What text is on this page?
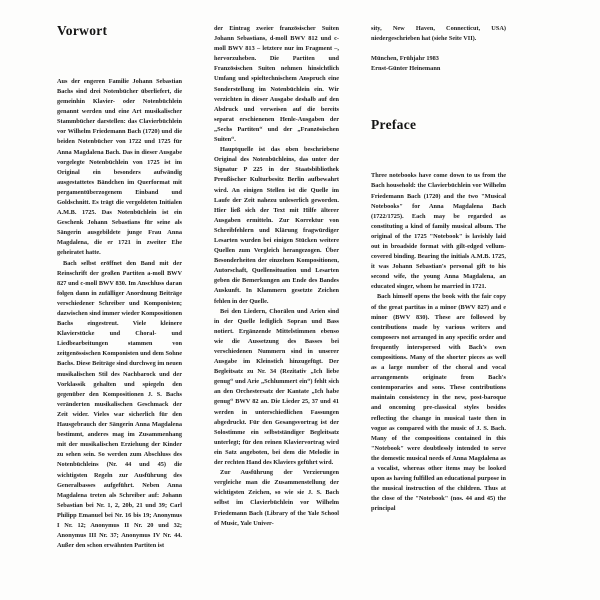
Vorwort

Aus der engeren Familie Johann Sebastian Bachs sind drei Notenbücher überliefert, die gemeinhin Klavier- oder Notenbüchlein genannt werden und eine Art musikalischer Stammbücher darstellen: das Clavierbüchlein vor Wilhelm Friedemann Bach (1720) und die beiden Notenbücher von 1722 und 1725 für Anna Magdalena Bach. Das in dieser Ausgabe vorgelegte Notenbüchlein von 1725 ist im Original ein besonders aufwändig ausgestattetes Bändchen im Querformat mit pergamentüberzogenem Einband und Goldschnitt. Es trägt die vergoldeten Initialen A.M.B. 1725. Das Notenbüchlein ist ein Geschenk Johann Sebastians für seine als Sängerin ausgebildete junge Frau Anna Magdalena, die er 1721 in zweiter Ehe geheiratet hatte.

Bach selbst eröffnet den Band mit der Reinschrift der großen Partiten a-moll BWV 827 und c-moll BWV 830. Im Anschluss daran folgen dann in zufälliger Anordnung Beiträge verschiedener Schreiber und Komponisten; dazwischen sind immer wieder Kompositionen Bachs eingestreut. Viele kleinere Klavierstücke und Choral- und Liedbearbeitungen stammen von zeitgenössischen Komponisten und dem Sohne Bachs. Diese Beiträge sind durchweg im neuen musikalischen Stil des Nachbarock und der Vorklassik gehalten und spiegeln den gegenüber den Kompositionen J. S. Bachs veränderten musikalischen Geschmack der Zeit wider. Vieles war sicherlich für den Hausgebrauch der Sängerin Anna Magdalena bestimmt, anderes mag im Zusammenhang mit der musikalischen Erziehung der Kinder zu sehen sein. So werden zum Abschluss des Notenbüchleins (Nr. 44 und 45) die wichtigsten Regeln zur Ausführung des Generalbasses aufgeführt. Neben Anna Magdalena treten als Schreiber auf: Johann Sebastian bei Nr. 1, 2, 20b, 21 und 39; Carl Philipp Emanuel bei Nr. 16 bis 19; Anonymus I Nr. 12; Anonymus II Nr. 20 und 32; Anonymus III Nr. 37; Anonymus IV Nr. 44. Außer den schon erwähnten Partiten ist

der Eintrag zweier französischer Suiten Johann Sebastians, d-moll BWV 812 und c-moll BWV 813 – letztere nur im Fragment –, hervorzuheben. Die Partiten und Französischen Suiten nehmen hinsichtlich Umfang und spieltechnischem Anspruch eine Sonderstellung im Notenbüchlein ein. Wir verzichten in dieser Ausgabe deshalb auf den Abdruck und verweisen auf die bereits separat erschienenen Henle-Ausgaben der „Sechs Partiten“ und der „Französischen Suiten“.

Hauptquelle ist das oben beschriebene Original des Notenbüchleins, das unter der Signatur P 225 in der Staatsbibliothek Preußischer Kulturbesitz Berlin aufbewahrt wird. An einigen Stellen ist die Quelle im Laufe der Zeit nahezu unleserlich geworden. Hier ließ sich der Text mit Hilfe älterer Ausgaben ermitteln. Zur Korrektur von Schreibfehlern und Klärung fragwürdiger Lesarten wurden bei einigen Stücken weitere Quellen zum Vergleich herangezogen. Über Besonderheiten der einzelnen Kompositionen, Autorschaft, Quellensituation und Lesarten geben die Bemerkungen am Ende des Bandes Auskunft. In Klammern gesetzte Zeichen fehlen in der Quelle.

Bei den Liedern, Chorälen und Arien sind in der Quelle lediglich Sopran und Bass notiert. Ergänzende Mittelstimmen ebenso wie die Aussetzung des Basses bei verschiedenen Nummern sind in unserer Ausgabe im Kleinstich hinzugefügt. Der Begleitsatz zu Nr. 34 (Rezitativ „Ich liebe genug“ und Arie „Schlummert ein“) fehlt sich an den Orchestersatz der Kantate „Ich habe genug“ BWV 82 an. Die Lieder 25, 37 und 41 werden in unterschiedlichen Fassungen abgedruckt. Für den Gesangsvortrag ist der Solostimme ein selbstständiger Begleitsatz unterlegt; für den reinen Klaviervortrag wird ein Satz angeboten, bei dem die Melodie in der rechten Hand des Klaviers geführt wird.

Zur Ausführung der Verzierungen vergleiche man die Zusammenstellung der wichtigsten Zeichen, so wie sie J. S. Bach selbst im Clavierbüchlein vor Wilhelm Friedemann Bach (Library of the Yale School of Music, Yale Univer-

sity, New Haven, Connecticut, USA) niedergeschrieben hat (siehe Seite VII).

München, Frühjahr 1983
Ernst-Günter Heinemann
Preface

Three notebooks have come down to us from the Bach household: the Clavierbüchlein vor Wilhelm Friedemann Bach (1720) and the two "Musical Notebooks" for Anna Magdalena Bach (1722/1725). Each may be regarded as constituting a kind of family musical album. The original of the 1725 "Notebook" is lavishly laid out in broadside format with gilt-edged vellum-covered binding. Bearing the initials A.M.B. 1725, it was Johann Sebastian's personal gift to his second wife, the young Anna Magdalena, an educated singer, whom he married in 1721.

Bach himself opens the book with the fair copy of the great partitas in a minor (BWV 827) and e minor (BWV 830). These are followed by contributions made by various writers and composers not arranged in any specific order and frequently interspersed with Bach's own compositions. Many of the shorter pieces as well as a large number of the choral and vocal arrangements originate from Bach's contemporaries and sons. These contributions maintain consistency in the new, post-baroque and oncoming pre-classical styles besides reflecting the change in musical taste then in vogue as compared with the music of J. S. Bach. Many of the compositions contained in this "Notebook" were doubtlessly intended to serve the domestic musical needs of Anna Magdalena as a vocalist, whereas other items may be looked upon as having fulfilled an educational purpose in the musical instruction of the children. Thus at the close of the "Notebook" (nos. 44 and 45) the principal
